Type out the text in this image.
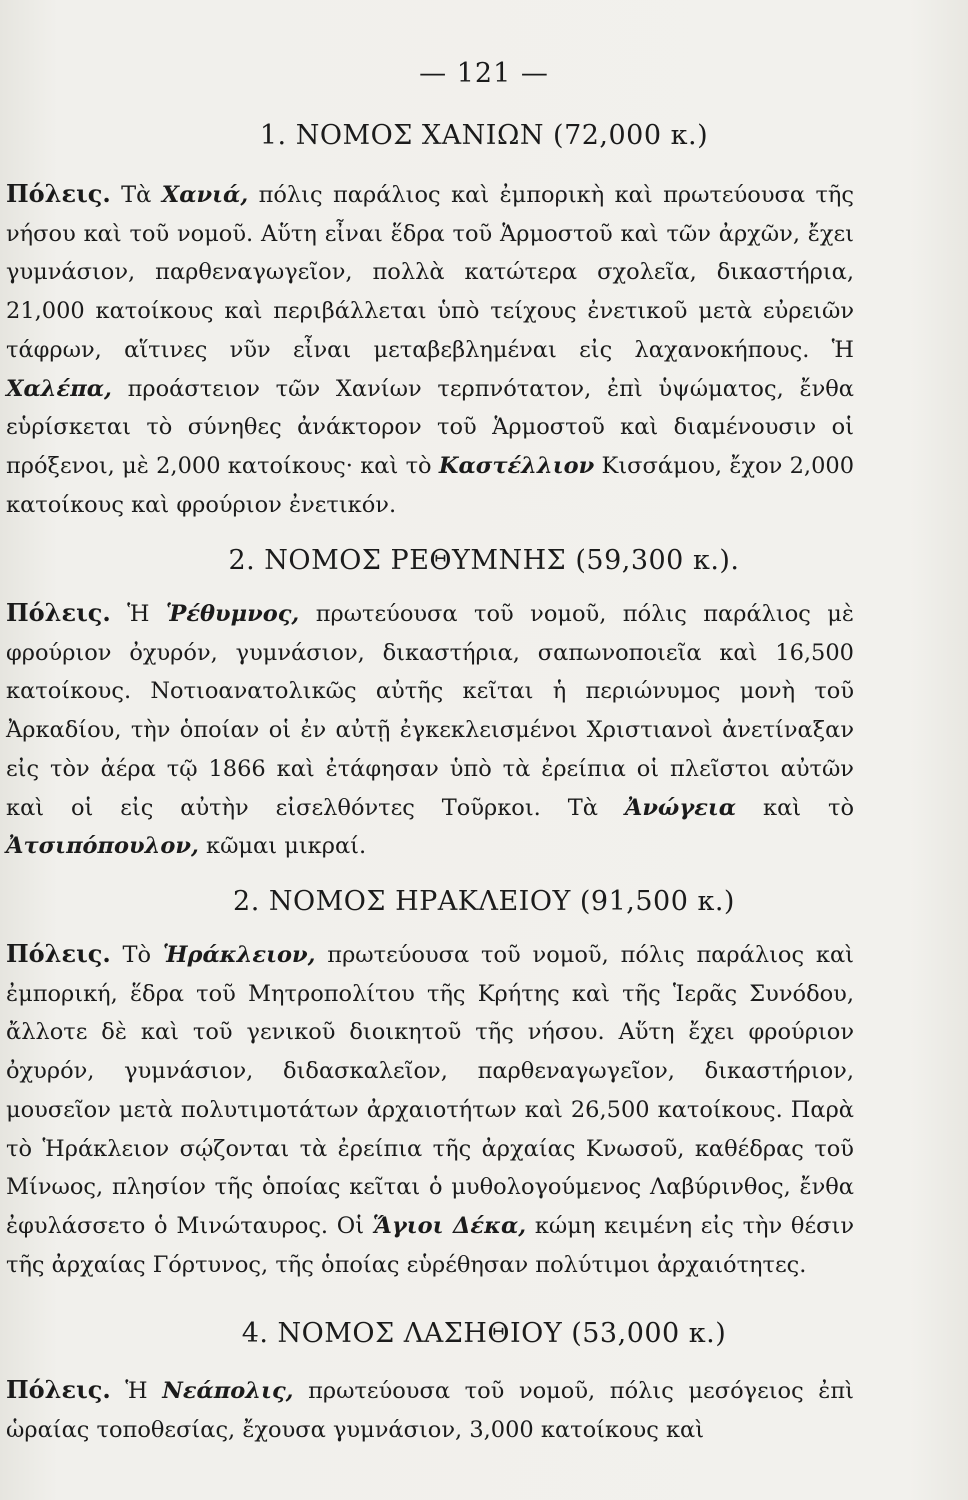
— 121 —
1. ΝΟΜΟΣ ΧΑΝΙΩΝ (72,000 κ.)
Πόλεις. Τὰ Χανιά, πόλις παράλιος καὶ ἐμπορικὴ καὶ πρωτεύουσα τῆς νήσου καὶ τοῦ νομοῦ. Αὕτη εἶναι ἕδρα τοῦ Ἁρμοστοῦ καὶ τῶν ἀρχῶν, ἔχει γυμνάσιον, παρθεναγωγεῖον, πολλὰ κατώτερα σχολεῖα, δικαστήρια, 21,000 κατοίκους καὶ περιβάλλεται ὑπὸ τείχους ἐνετικοῦ μετὰ εὐρειῶν τάφρων, αἵτινες νῦν εἶναι μεταβεβλημέναι εἰς λαχανοκήπους. Ἡ Χαλέπα, προάστειον τῶν Χανίων τερπνότατον, ἐπὶ ὑψώματος, ἔνθα εὑρίσκεται τὸ σύνηθες ἀνάκτορον τοῦ Ἁρμοστοῦ καὶ διαμένουσιν οἱ πρόξενοι, μὲ 2,000 κατοίκους· καὶ τὸ Καστέλλιον Κισσάμου, ἔχον 2,000 κατοίκους καὶ φρούριον ἐνετικόν.
2. ΝΟΜΟΣ ΡΕΘΥΜΝΗΣ (59,300 κ.).
Πόλεις. Ἡ Ῥέθυμνος, πρωτεύουσα τοῦ νομοῦ, πόλις παράλιος μὲ φρούριον ὀχυρόν, γυμνάσιον, δικαστήρια, σαπωνοποιεῖα καὶ 16,500 κατοίκους. Νοτιοανατολικῶς αὐτῆς κεῖται ἡ περιώνυμος μονὴ τοῦ Ἀρκαδίου, τὴν ὁποίαν οἱ ἐν αὐτῇ ἐγκεκλεισμένοι Χριστιανοὶ ἀνετίναξαν εἰς τὸν ἀέρα τῷ 1866 καὶ ἐτάφησαν ὑπὸ τὰ ἐρείπια οἱ πλεῖστοι αὐτῶν καὶ οἱ εἰς αὐτὴν εἰσελθόντες Τοῦρκοι. Τὰ Ἀνώγεια καὶ τὸ Ἀτσιπόπουλον, κῶμαι μικραί.
2. ΝΟΜΟΣ ΗΡΑΚΛΕΙΟΥ (91,500 κ.)
Πόλεις. Τὸ Ἡράκλειον, πρωτεύουσα τοῦ νομοῦ, πόλις παράλιος καὶ ἐμπορική, ἕδρα τοῦ Μητροπολίτου τῆς Κρήτης καὶ τῆς Ἱερᾶς Συνόδου, ἄλλοτε δὲ καὶ τοῦ γενικοῦ διοικητοῦ τῆς νήσου. Αὕτη ἔχει φρούριον ὀχυρόν, γυμνάσιον, διδασκαλεῖον, παρθεναγωγεῖον, δικαστήριον, μουσεῖον μετὰ πολυτιμοτάτων ἀρχαιοτήτων καὶ 26,500 κατοίκους. Παρὰ τὸ Ἡράκλειον σῴζονται τὰ ἐρείπια τῆς ἀρχαίας Κνωσοῦ, καθέδρας τοῦ Μίνωος, πλησίον τῆς ὁποίας κεῖται ὁ μυθολογούμενος Λαβύρινθος, ἔνθα ἐφυλάσσετο ὁ Μινώταυρος. Οἱ Ἅγιοι Δέκα, κώμη κειμένη εἰς τὴν θέσιν τῆς ἀρχαίας Γόρτυνος, τῆς ὁποίας εὑρέθησαν πολύτιμοι ἀρχαιότητες.
4. ΝΟΜΟΣ ΛΑΣΗΘΙΟΥ (53,000 κ.)
Πόλεις. Ἡ Νεάπολις, πρωτεύουσα τοῦ νομοῦ, πόλις μεσόγειος ἐπὶ ὡραίας τοποθεσίας, ἔχουσα γυμνάσιον, 3,000 κατοίκους καὶ
